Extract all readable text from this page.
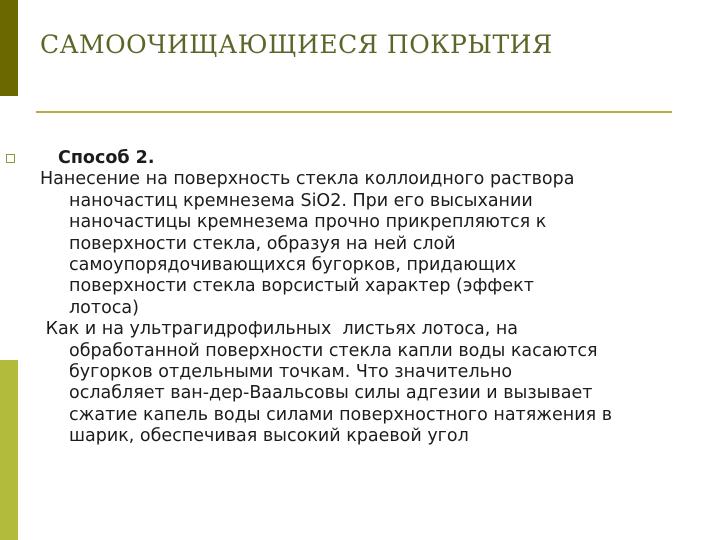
САМООЧИЩАЮЩИЕСЯ ПОКРЫТИЯ
Способ 2.
Нанесение на поверхность стекла коллоидного раствора
наночастиц кремнезема SiO2. При его высыхании
наночастицы кремнезема прочно прикрепляются к
поверхности стекла, образуя на ней слой
самоупорядочивающихся бугорков, придающих
поверхности стекла ворсистый характер (эффект
лотоса)
Как и на ультрагидрофильных  листьях лотоса, на
обработанной поверхности стекла капли воды касаются
бугорков отдельными точкам. Что значительно
ослабляет ван-дер-Ваальсовы силы адгезии и вызывает
сжатие капель воды силами поверхностного натяжения в
шарик, обеспечивая высокий краевой угол
